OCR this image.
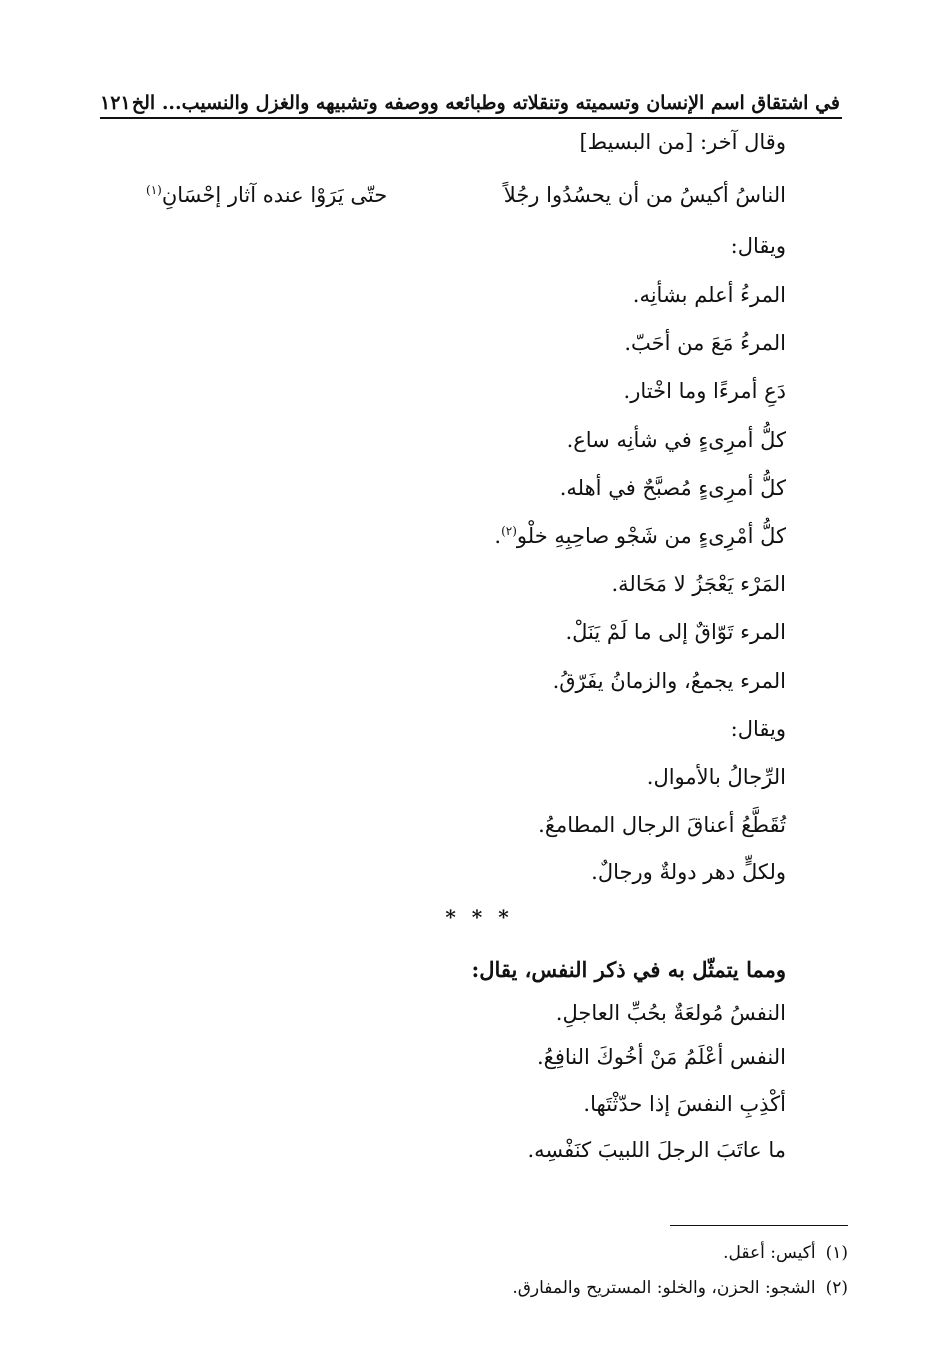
في اشتقاق اسم الإنسان وتسميته وتنقلاته وطبائعه ووصفه وتشبيهه والغزل والنسيب... الخ
١٢١
وقال آخر: [من البسيط]
الناسُ أكيسُ من أن يحسُدُوا رجُلاً
حتّى يَرَوْا عنده آثار إحْسَانِ$^{(١)}$
ويقال:
المرءُ أعلم بشأنِه.
المرءُ مَعَ من أحَبّ.
دَعِ أمرءًا وما اخْتار.
كلُّ أمرِىءٍ في شأنِه ساع.
كلُّ أمرِىءٍ مُصبَّحٌ في أهله.
كلُّ أمْرِىءٍ من شَجْو صاحِبِهِ خلْو$^{(٢)}$.
المَرْء يَعْجَزُ لا مَحَالة.
المرء تَوّاقٌ إلى ما لَمْ يَنَلْ.
المرء يجمعُ، والزمانُ يفَرّقُ.
ويقال:
الرِّجالُ بالأموال.
تُقَطَّعُ أعناقَ الرجال المطامعُ.
ولكلٍّ دهر دولةٌ ورجالٌ.
* * *
ومما يتمثّل به في ذكر النفس، يقال:
النفسُ مُولعَةٌ بحُبِّ العاجلِ.
النفس أعْلَمُ مَنْ أخُوكَ النافِعُ.
أكْذِبِ النفسَ إذا حدّثْتَها.
ما عاتَبَ الرجلَ اللبيبَ كنَفْسِه.
(١)أكيس: أعقل.
(٢)الشجو: الحزن، والخلو: المستريح والمفارق.
